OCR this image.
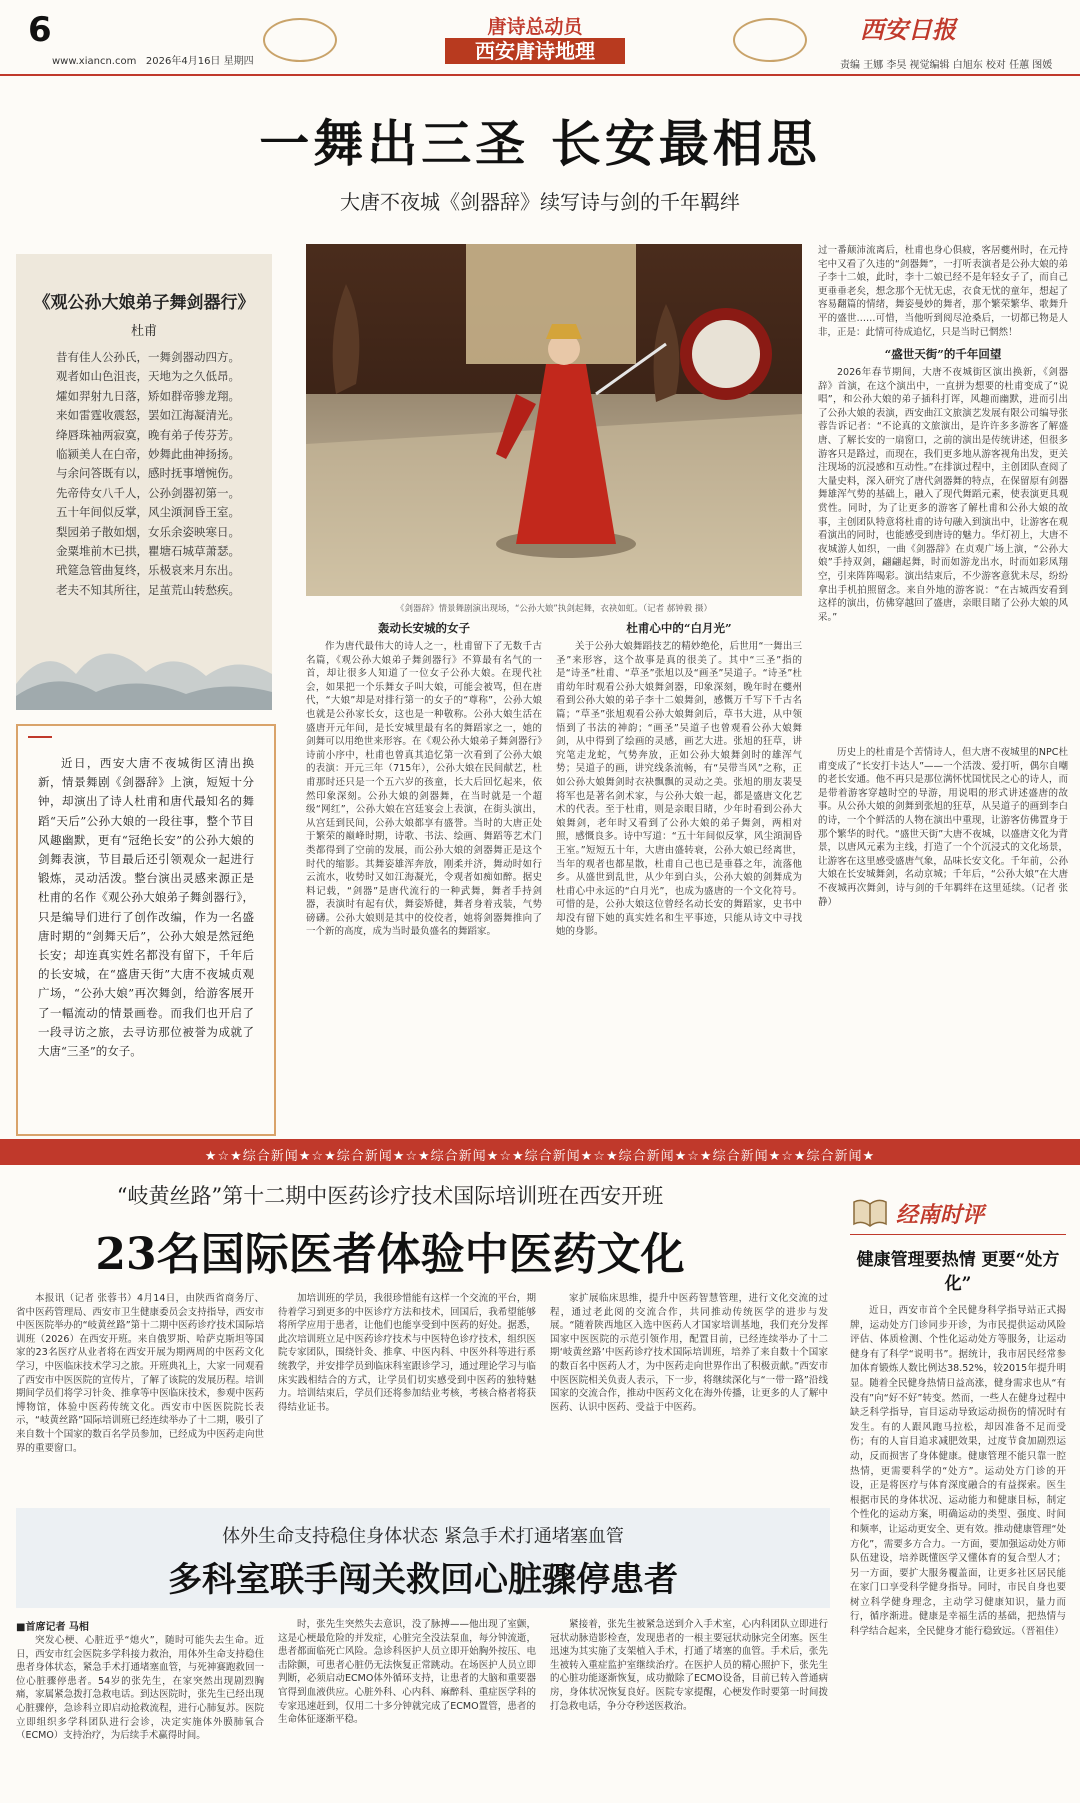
6
www.xiancn.com 2026年4月16日 星期四
唐诗总动员
西安唐诗地理
西安日报
责编 王娜 李昊 视觉编辑 白旭东 校对 任蕙 图媛
一舞出三圣 长安最相思
大唐不夜城《剑器辞》续写诗与剑的千年羁绊
《观公孙大娘弟子舞剑器行》
杜甫
昔有佳人公孙氏，一舞剑器动四方。
观者如山色沮丧，天地为之久低昂。
㸌如羿射九日落，矫如群帝骖龙翔。
来如雷霆收震怒，罢如江海凝清光。
绛唇珠袖两寂寞，晚有弟子传芬芳。
临颍美人在白帝，妙舞此曲神扬扬。
与余问答既有以，感时抚事增惋伤。
先帝侍女八千人，公孙剑器初第一。
五十年间似反掌，风尘澒洞昏王室。
梨园弟子散如烟，女乐余姿映寒日。
金粟堆前木已拱，瞿塘石城草萧瑟。
玳筵急管曲复终，乐极哀来月东出。
老夫不知其所往，足茧荒山转愁疾。
近日，西安大唐不夜城街区清出换新，情景舞剧《剑器辞》上演，短短十分钟，却演出了诗人杜甫和唐代最知名的舞蹈“天后”公孙大娘的一段往事，整个节目风趣幽默，更有“冠绝长安”的公孙大娘的剑舞表演，节目最后还引领观众一起进行锻炼，灵动活泼。整台演出灵感来源正是杜甫的名作《观公孙大娘弟子舞剑器行》，只是编导们进行了创作改编，作为一名盛唐时期的“剑舞天后”，公孙大娘是然冠绝长安；却连真实姓名都没有留下，千年后的长安城，在“盛唐天街”大唐不夜城贞观广场，“公孙大娘”再次舞剑，给游客展开了一幅流动的情景画卷。而我们也开启了一段寻访之旅，去寻访那位被誉为成就了大唐“三圣”的女子。
《剑器辞》情景舞剧演出现场，“公孙大娘”执剑起舞，衣袂如虹。（记者 郝钟毅 摄）
轰动长安城的女子
作为唐代最伟大的诗人之一，杜甫留下了无数千古名篇，《观公孙大娘弟子舞剑器行》不算最有名气的一首，却让很多人知道了一位女子公孙大娘。在现代社会，如果把一个乐舞女子叫大娘，可能会被骂，但在唐代，“大娘”却是对排行第一的女子的“尊称”，公孙大娘也就是公孙家长女，这也是一种敬称。公孙大娘生活在盛唐开元年间，是长安城里最有名的舞蹈家之一，她的剑舞可以用绝世来形容。在《观公孙大娘弟子舞剑器行》诗前小序中，杜甫也曾真其追忆第一次看到了公孙大娘的表演：开元三年（715年），公孙大娘在民间献艺，杜甫那时还只是一个五六岁的孩童，长大后回忆起来，依然印象深刻。公孙大娘的剑器舞，在当时就是一个超级“网红”，公孙大娘在宫廷宴会上表演，在街头演出，从宫廷到民间，公孙大娘都享有盛誉。当时的大唐正处于繁荣的巅峰时期，诗歌、书法、绘画、舞蹈等艺术门类都得到了空前的发展，而公孙大娘的剑器舞正是这个时代的缩影。其舞姿雄浑奔放，刚柔并济，舞动时如行云流水，收势时又如江海凝光，令观者如痴如醉。据史料记载，“剑器”是唐代流行的一种武舞，舞者手持剑器，表演时有起有伏，舞姿矫健，舞者身着戎装，气势磅礴。公孙大娘则是其中的佼佼者，她将剑器舞推向了一个新的高度，成为当时最负盛名的舞蹈家。
杜甫心中的“白月光”
关于公孙大娘舞蹈技艺的精妙绝伦，后世用“一舞出三圣”来形容，这个故事是真的很美了。其中“三圣”指的是“诗圣”杜甫、“草圣”张旭以及“画圣”吴道子。“诗圣”杜甫幼年时观看公孙大娘舞剑器，印象深刻，晚年时在夔州看到公孙大娘的弟子李十二娘舞剑，感慨万千写下千古名篇；“草圣”张旭观看公孙大娘舞剑后，草书大进，从中领悟到了书法的神韵；“画圣”吴道子也曾观看公孙大娘舞剑，从中得到了绘画的灵感，画艺大进。张旭的狂草，讲究笔走龙蛇，气势奔放，正如公孙大娘舞剑时的雄浑气势；吴道子的画，讲究线条流畅，有“吴带当风”之称，正如公孙大娘舞剑时衣袂飘飘的灵动之美。张旭的朋友裴旻将军也是著名剑术家，与公孙大娘一起，都是盛唐文化艺术的代表。至于杜甫，则是亲眼目睹，少年时看到公孙大娘舞剑，老年时又看到了公孙大娘的弟子舞剑，两相对照，感慨良多。诗中写道：“五十年间似反掌，风尘澒洞昏王室。”短短五十年，大唐由盛转衰，公孙大娘已经离世，当年的观者也都星散，杜甫自己也已是垂暮之年，流落他乡。从盛世到乱世，从少年到白头，公孙大娘的剑舞成为杜甫心中永远的“白月光”，也成为盛唐的一个文化符号。可惜的是，公孙大娘这位曾经名动长安的舞蹈家，史书中却没有留下她的真实姓名和生平事迹，只能从诗文中寻找她的身影。
过一番颠沛流离后，杜甫也身心俱疲，客居夔州时，在元持宅中又看了久违的“剑器舞”，一打听表演者是公孙大娘的弟子李十二娘，此时，李十二娘已经不是年轻女子了，而自己更垂垂老矣，想念那个无忧无虑，衣食无忧的童年，想起了容易翻篇的情绪，舞姿曼妙的舞者，那个繁荣繁华、歌舞升平的盛世……可惜，当他听到阅尽沧桑后，一切都已物是人非，正是：此情可待成追忆，只是当时已惘然！
“盛世天街”的千年回望
2026年春节期间，大唐不夜城街区演出换新，《剑器辞》首演，在这个演出中，一直拼为想要的杜甫变成了“说唱”，和公孙大娘的弟子插科打诨，风趣而幽默，进而引出了公孙大娘的表演，西安曲江文旅演艺发展有限公司编导张蓉告诉记者：“不论真的文旅演出，是许许多多游客了解盛唐、了解长安的一扇窗口，之前的演出是传统讲述，但很多游客只是路过，而现在，我们更多地从游客视角出发，更关注现场的沉浸感和互动性。”在排演过程中，主创团队查阅了大量史料，深入研究了唐代剑器舞的特点，在保留原有剑器舞雄浑气势的基础上，融入了现代舞蹈元素，使表演更具观赏性。同时，为了让更多的游客了解杜甫和公孙大娘的故事，主创团队特意将杜甫的诗句融入到演出中，让游客在观看演出的同时，也能感受到唐诗的魅力。华灯初上，大唐不夜城游人如织，一曲《剑器辞》在贞观广场上演，“公孙大娘”手持双剑，翩翩起舞，时而如游龙出水，时而如彩凤翔空，引来阵阵喝彩。演出结束后，不少游客意犹未尽，纷纷拿出手机拍照留念。来自外地的游客说：“在古城西安看到这样的演出，仿佛穿越回了盛唐，亲眼目睹了公孙大娘的风采。”
历史上的杜甫是个苦情诗人，但大唐不夜城里的NPC杜甫变成了“长安打卡达人”——一个活泼、爱打听，偶尔自嘲的老长安通。他不再只是那位满怀忧国忧民之心的诗人，而是带着游客穿越时空的导游，用说唱的形式讲述盛唐的故事。从公孙大娘的剑舞到张旭的狂草，从吴道子的画到李白的诗，一个个鲜活的人物在演出中重现，让游客仿佛置身于那个繁华的时代。“盛世天街”大唐不夜城，以盛唐文化为背景，以唐风元素为主线，打造了一个个沉浸式的文化场景，让游客在这里感受盛唐气象，品味长安文化。千年前，公孙大娘在长安城舞剑，名动京城；千年后，“公孙大娘”在大唐不夜城再次舞剑，诗与剑的千年羁绊在这里延续。（记者 张静）
★☆★综合新闻★☆★综合新闻★☆★综合新闻★☆★综合新闻★☆★综合新闻★☆★综合新闻★☆★综合新闻★
“岐黄丝路”第十二期中医药诊疗技术国际培训班在西安开班
23名国际医者体验中医药文化
本报讯（记者 张蓉书）4月14日，由陕西省商务厅、省中医药管理局、西安市卫生健康委员会支持指导，西安市中医医院举办的“岐黄丝路”第十二期中医药诊疗技术国际培训班（2026）在西安开班。来自俄罗斯、哈萨克斯坦等国家的23名医疗从业者将在西安开展为期两周的中医药文化学习，中医临床技术学习之旅。开班典礼上，大家一同观看了西安市中医医院的宣传片，了解了该院的发展历程。培训期间学员们将学习针灸、推拿等中医临床技术，参观中医药博物馆，体验中医药传统文化。西安市中医医院院长表示，“岐黄丝路”国际培训班已经连续举办了十二期，吸引了来自数十个国家的数百名学员参加，已经成为中医药走向世界的重要窗口。
加培训班的学员，我很珍惜能有这样一个交流的平台，期待着学习到更多的中医诊疗方法和技术，回国后，我希望能够将所学应用于患者，让他们也能享受到中医药的好处。据悉，此次培训班立足中医药诊疗技术与中医特色诊疗技术，组织医院专家团队，围绕针灸、推拿、中医内科、中医外科等进行系统教学，并安排学员到临床科室跟诊学习，通过理论学习与临床实践相结合的方式，让学员们切实感受到中医药的独特魅力。培训结束后，学员们还将参加结业考核，考核合格者将获得结业证书。
家扩展临床思维，提升中医药智慧管理，进行文化交流的过程，通过老此阅的交流合作，共同推动传统医学的进步与发展。“随着陕西地区入选中医药人才国家培训基地，我们充分发挥国家中医医院的示范引领作用，配置目前，已经连续举办了十二期‘岐黄丝路’中医药诊疗技术国际培训班，培养了来自数十个国家的数百名中医药人才，为中医药走向世界作出了积极贡献。”西安市中医医院相关负责人表示，下一步，将继续深化与“一带一路”沿线国家的交流合作，推动中医药文化在海外传播，让更多的人了解中医药、认识中医药、受益于中医药。
经南时评
健康管理要热情 更要“处方化”
近日，西安市首个全民健身科学指导站正式揭牌，运动处方门诊同步开诊，为市民提供运动风险评估、体质检测、个性化运动处方等服务，让运动健身有了科学“说明书”。据统计，我市居民经常参加体育锻炼人数比例达38.52%，较2015年提升明显。随着全民健身热情日益高涨，健身需求也从“有没有”向“好不好”转变。然而，一些人在健身过程中缺乏科学指导，盲目运动导致运动损伤的情况时有发生。有的人跟风跑马拉松，却因准备不足而受伤；有的人盲目追求减肥效果，过度节食加剧烈运动，反而损害了身体健康。健康管理不能只靠一腔热情，更需要科学的“处方”。运动处方门诊的开设，正是将医疗与体育深度融合的有益探索。医生根据市民的身体状况、运动能力和健康目标，制定个性化的运动方案，明确运动的类型、强度、时间和频率，让运动更安全、更有效。推动健康管理“处方化”，需要多方合力。一方面，要加强运动处方师队伍建设，培养既懂医学又懂体育的复合型人才；另一方面，要扩大服务覆盖面，让更多社区居民能在家门口享受科学健身指导。同时，市民自身也要树立科学健身理念，主动学习健康知识，量力而行，循序渐进。健康是幸福生活的基础，把热情与科学结合起来，全民健身才能行稳致远。（晋祖佳）
体外生命支持稳住身体状态 紧急手术打通堵塞血管
多科室联手闯关救回心脏骤停患者
■首席记者 马相
突发心梗、心脏近乎“熄火”，随时可能失去生命。近日，西安市红会医院多学科接力救治，用体外生命支持稳住患者身体状态，紧急手术打通堵塞血管，与死神赛跑救回一位心脏骤停患者。54岁的张先生，在家突然出现剧烈胸痛，家属紧急拨打急救电话。到达医院时，张先生已经出现心脏骤停，急诊科立即启动抢救流程，进行心肺复苏。医院立即组织多学科团队进行会诊，决定实施体外膜肺氧合（ECMO）支持治疗，为后续手术赢得时间。
时，张先生突然失去意识，没了脉搏——他出现了室颤，这是心梗最危险的并发症，心脏完全没法泵血，每分钟流逝，患者都面临死亡风险。急诊科医护人员立即开始胸外按压、电击除颤，可患者心脏仍无法恢复正常跳动。在场医护人员立即判断，必须启动ECMO体外循环支持，让患者的大脑和重要器官得到血液供应。心脏外科、心内科、麻醉科、重症医学科的专家迅速赶到，仅用二十多分钟就完成了ECMO置管，患者的生命体征逐渐平稳。
紧接着，张先生被紧急送到介入手术室，心内科团队立即进行冠状动脉造影检查，发现患者的一根主要冠状动脉完全闭塞。医生迅速为其实施了支架植入手术，打通了堵塞的血管。手术后，张先生被转入重症监护室继续治疗。在医护人员的精心照护下，张先生的心脏功能逐渐恢复，成功撤除了ECMO设备，目前已转入普通病房，身体状况恢复良好。医院专家提醒，心梗发作时要第一时间拨打急救电话，争分夺秒送医救治。
